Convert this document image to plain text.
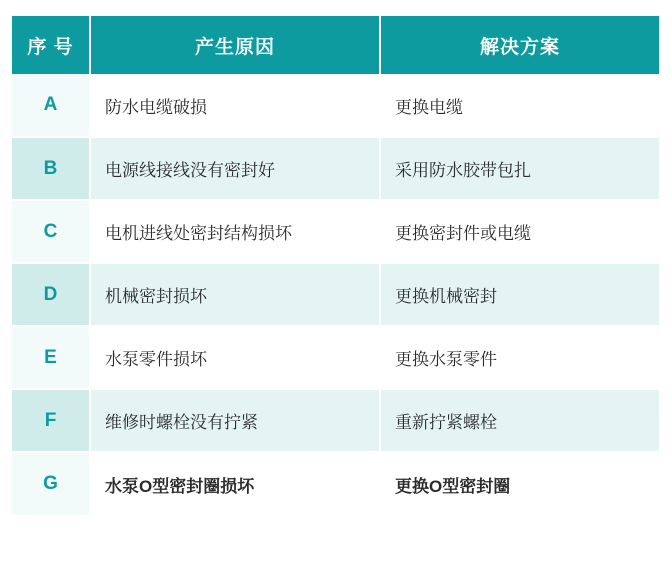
序 号	产生原因	解决方案
A	防水电缆破损	更换电缆
B	电源线接线没有密封好	采用防水胶带包扎
C	电机进线处密封结构损坏	更换密封件或电缆
D	机械密封损坏	更换机械密封
E	水泵零件损坏	更换水泵零件
F	维修时螺栓没有拧紧	重新拧紧螺栓
G	水泵O型密封圈损坏	更换O型密封圈
